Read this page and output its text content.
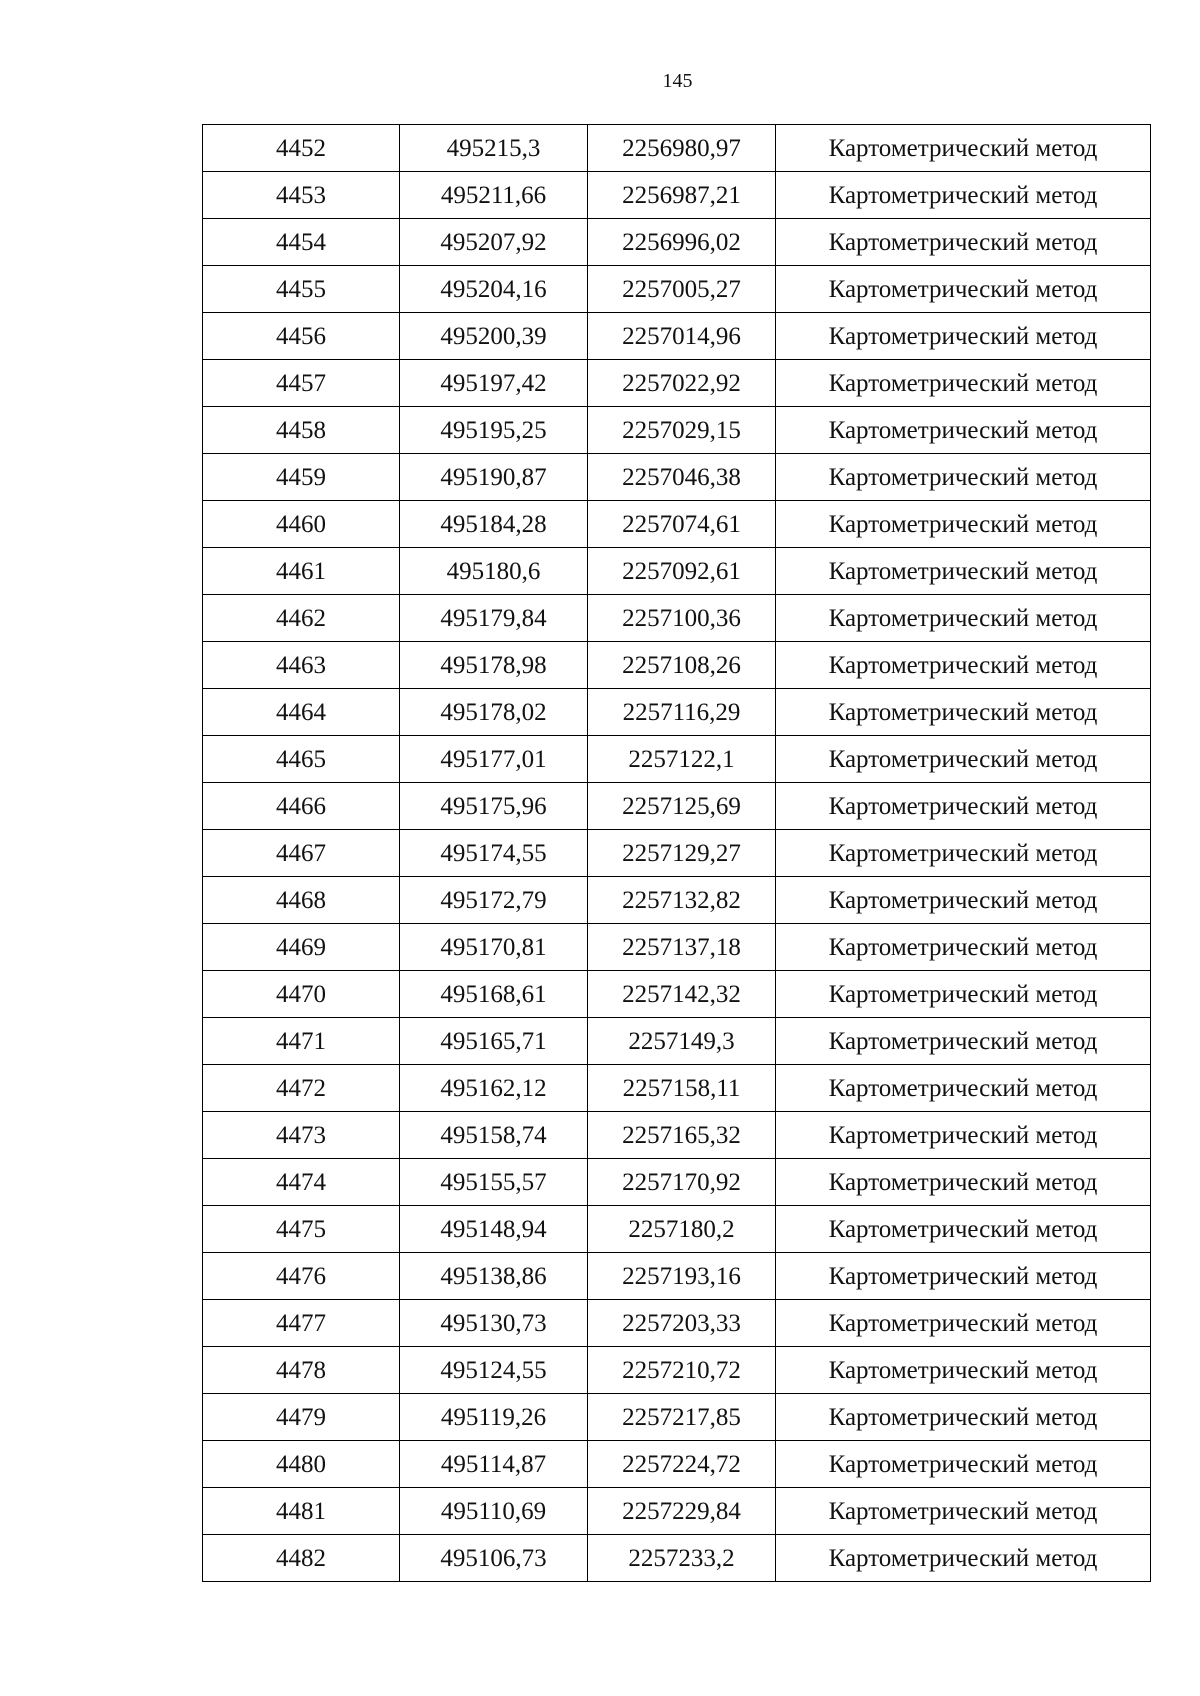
145
4452	495215,3	2256980,97	Картометрический метод
4453	495211,66	2256987,21	Картометрический метод
4454	495207,92	2256996,02	Картометрический метод
4455	495204,16	2257005,27	Картометрический метод
4456	495200,39	2257014,96	Картометрический метод
4457	495197,42	2257022,92	Картометрический метод
4458	495195,25	2257029,15	Картометрический метод
4459	495190,87	2257046,38	Картометрический метод
4460	495184,28	2257074,61	Картометрический метод
4461	495180,6	2257092,61	Картометрический метод
4462	495179,84	2257100,36	Картометрический метод
4463	495178,98	2257108,26	Картометрический метод
4464	495178,02	2257116,29	Картометрический метод
4465	495177,01	2257122,1	Картометрический метод
4466	495175,96	2257125,69	Картометрический метод
4467	495174,55	2257129,27	Картометрический метод
4468	495172,79	2257132,82	Картометрический метод
4469	495170,81	2257137,18	Картометрический метод
4470	495168,61	2257142,32	Картометрический метод
4471	495165,71	2257149,3	Картометрический метод
4472	495162,12	2257158,11	Картометрический метод
4473	495158,74	2257165,32	Картометрический метод
4474	495155,57	2257170,92	Картометрический метод
4475	495148,94	2257180,2	Картометрический метод
4476	495138,86	2257193,16	Картометрический метод
4477	495130,73	2257203,33	Картометрический метод
4478	495124,55	2257210,72	Картометрический метод
4479	495119,26	2257217,85	Картометрический метод
4480	495114,87	2257224,72	Картометрический метод
4481	495110,69	2257229,84	Картометрический метод
4482	495106,73	2257233,2	Картометрический метод
